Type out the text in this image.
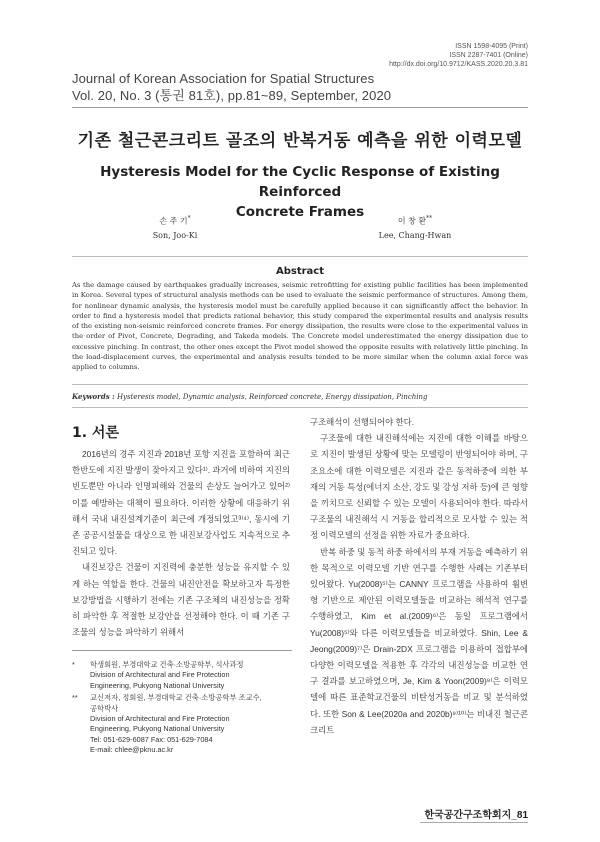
ISSN 1598-4095 (Print)
ISSN 2287-7401 (Online)
http://dx.doi.org/10.9712/KASS.2020.20.3.81
Journal of Korean Association for Spatial Structures
Vol. 20, No. 3 (통권 81호), pp.81~89, September, 2020
기존 철근콘크리트 골조의 반복거동 예측을 위한 이력모델
Hysteresis Model for the Cyclic Response of Existing Reinforced
Concrete Frames
손 주 기*
Son, Joo-Ki
이 창 환**
Lee, Chang-Hwan
Abstract
As the damage caused by earthquakes gradually increases, seismic retrofitting for existing public facilities has been implemented in Korea. Several types of structural analysis methods can be used to evaluate the seismic performance of structures. Among them, for nonlinear dynamic analysis, the hysteresis model must be carefully applied because it can significantly affect the behavior. In order to find a hysteresis model that predicts rational behavior, this study compared the experimental results and analysis results of the existing non-seismic reinforced concrete frames. For energy dissipation, the results were close to the experimental values in the order of Pivot, Concrete, Degrading, and Takeda models. The Concrete model underestimated the energy dissipation due to excessive pinching. In contrast, the other ones except the Pivot model showed the opposite results with relatively little pinching. In the load-displacement curves, the experimental and analysis results tended to be more similar when the column axial force was applied to columns.
Keywords : Hysteresis model, Dynamic analysis, Reinforced concrete, Energy dissipation, Pinching
1. 서론

2016년의 경주 지진과 2018년 포항 지진을 포함하여 최근 한반도에 지진 발생이 잦아지고 있다¹⁾. 과거에 비하여 지진의 빈도뿐만 아니라 인명피해와 건물의 손상도 늘어가고 있어²⁾ 이를 예방하는 대책이 필요하다. 이러한 상황에 대응하기 위해서 국내 내진설계기준이 최근에 개정되었고³⁾⁴⁾, 동시에 기존 공공시설물을 대상으로 한 내진보강사업도 지속적으로 추진되고 있다.

내진보강은 건물이 지진력에 충분한 성능을 유지할 수 있게 하는 역할을 한다. 건물의 내진안전을 확보하고자 특정한 보강방법을 시행하기 전에는 기존 구조체의 내진성능을 정확히 파악한 후 적절한 보강안을 선정해야 한다. 이 때 기존 구조물의 성능을 파악하기 위해서

구조해석이 선행되어야 한다.

구조물에 대한 내진해석에는 지진에 대한 이해를 바탕으로 지진이 발생된 상황에 맞는 모델링이 반영되어야 하며, 구조요소에 대한 이력모델은 지진과 같은 동적하중에 의한 부재의 거동 특성(에너지 소산, 강도 및 강성 저하 등)에 큰 영향을 끼치므로 신뢰할 수 있는 모델이 사용되어야 한다. 따라서 구조물의 내진해석 시 거동을 합리적으로 모사할 수 있는 적정 이력모델의 선정을 위한 자료가 중요하다.

반복 하중 및 동적 하중 하에서의 부재 거동을 예측하기 위한 목적으로 이력모델 기반 연구를 수행한 사례는 기존부터 있어왔다. Yu(2008)⁵⁾는 CANNY 프로그램을 사용하여 휨변형 기반으로 제안된 이력모델들을 비교하는 해석적 연구를 수행하였고, Kim et al.(2009)⁶⁾은 동일 프로그램에서 Yu(2008)⁵⁾와 다른 이력모델들을 비교하였다. Shin, Lee & Jeong(2009)⁷⁾은 Drain-2DX 프로그램을 이용하여 접합부에 다양한 이력모델을 적용한 후 각각의 내진성능을 비교한 연구 결과를 보고하였으며, Je, Kim & Yoon(2009)⁸⁾은 이력모델에 따른 표준학교건물의 비탄성거동을 비교 및 분석하였다. 또한 Son & Lee(2020a and 2020b)⁹⁾¹⁰⁾는 비내진 철근콘크리트

*	학생회원, 부경대학교 건축·소방공학부, 석사과정
Division of Architectural and Fire Protection
Engineering, Pukyong National University
**	교신저자, 정회원, 부경대학교 건축·소방공학부 조교수,
공학박사
Division of Architectural and Fire Protection
Engineering, Pukyong National University
Tel: 051-629-6087 Fax: 051-629-7084
E-mail: chlee@pknu.ac.kr
한국공간구조학회지_81
